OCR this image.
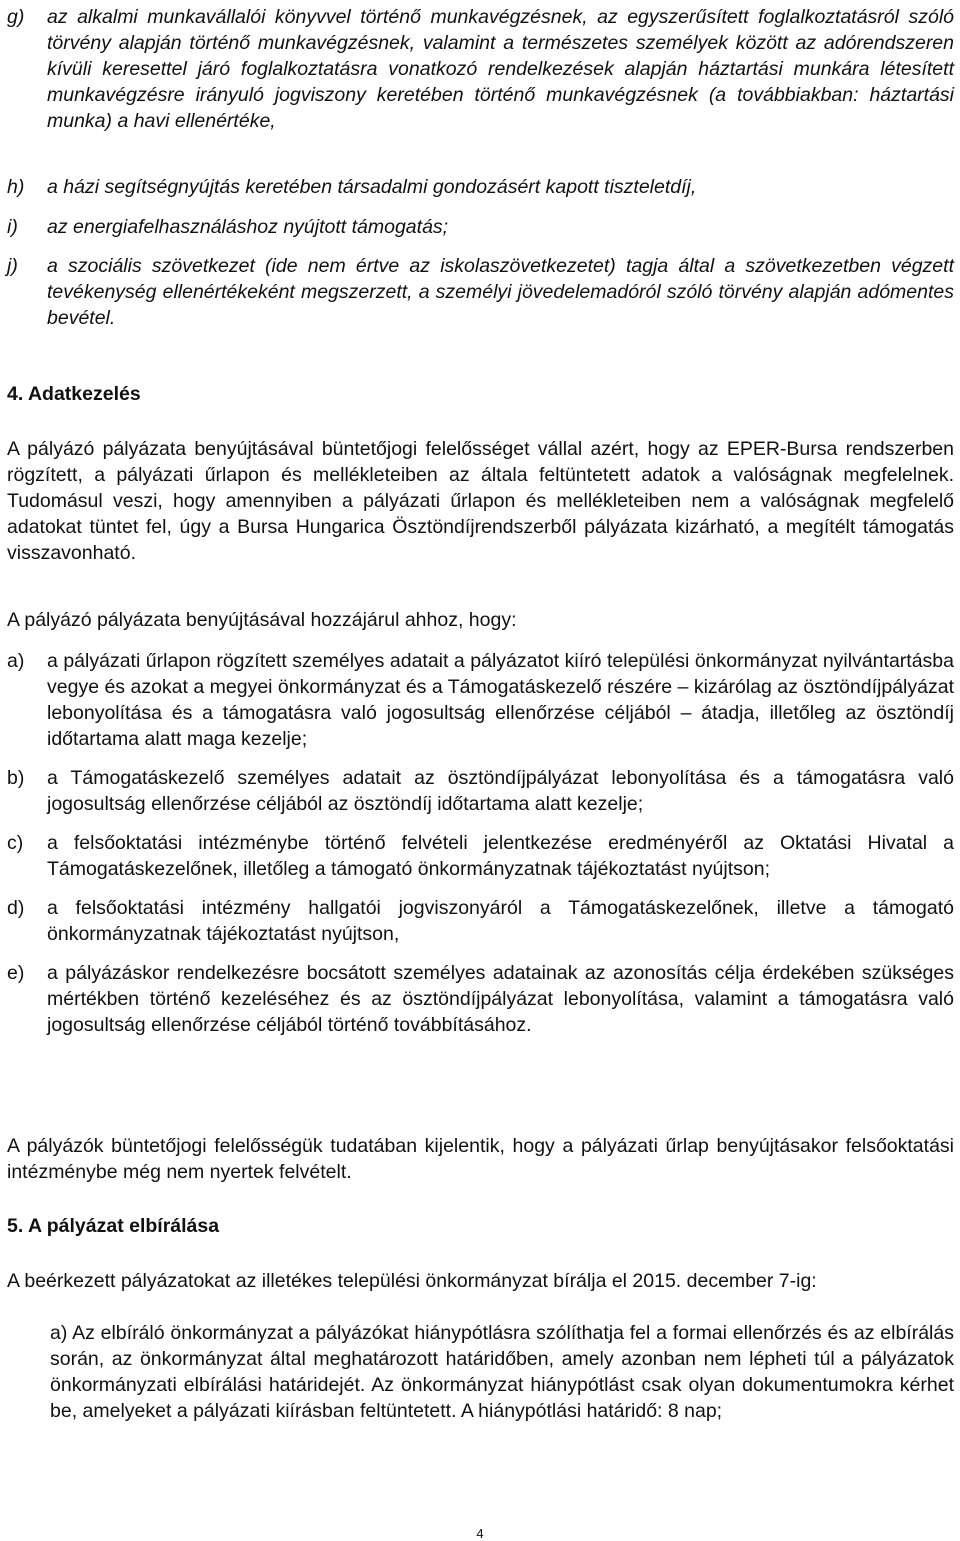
g)	az alkalmi munkavállalói könyvvel történő munkavégzésnek, az egyszerűsített foglalkoztatásról szóló törvény alapján történő munkavégzésnek, valamint a természetes személyek között az adórendszeren kívüli keresettel járó foglalkoztatásra vonatkozó rendelkezések alapján háztartási munkára létesített munkavégzésre irányuló jogviszony keretében történő munkavégzésnek (a továbbiakban: háztartási munka) a havi ellenértéke,
h)	a házi segítségnyújtás keretében társadalmi gondozásért kapott tiszteletdíj,
i)	az energiafelhasználáshoz nyújtott támogatás;
j)	a szociális szövetkezet (ide nem értve az iskolaszövetkezetet) tagja által a szövetkezetben végzett tevékenység ellenértékeként megszerzett, a személyi jövedelemadóról szóló törvény alapján adómentes bevétel.
4. Adatkezelés
A pályázó pályázata benyújtásával büntetőjogi felelősséget vállal azért, hogy az EPER-Bursa rendszerben rögzített, a pályázati űrlapon és mellékleteiben az általa feltüntetett adatok a valóságnak megfelelnek. Tudomásul veszi, hogy amennyiben a pályázati űrlapon és mellékleteiben nem a valóságnak megfelelő adatokat tüntet fel, úgy a Bursa Hungarica Ösztöndíjrendszerből pályázata kizárható, a megítélt támogatás visszavonható.
A pályázó pályázata benyújtásával hozzájárul ahhoz, hogy:
a)	a pályázati űrlapon rögzített személyes adatait a pályázatot kiíró települési önkormányzat nyilvántartásba vegye és azokat a megyei önkormányzat és a Támogatáskezelő részére – kizárólag az ösztöndíjpályázat lebonyolítása és a támogatásra való jogosultság ellenőrzése céljából – átadja, illetőleg az ösztöndíj időtartama alatt maga kezelje;
b)	a Támogatáskezelő személyes adatait az ösztöndíjpályázat lebonyolítása és a támogatásra való jogosultság ellenőrzése céljából az ösztöndíj időtartama alatt kezelje;
c)	a felsőoktatási intézménybe történő felvételi jelentkezése eredményéről az Oktatási Hivatal a Támogatáskezelőnek, illetőleg a támogató önkormányzatnak tájékoztatást nyújtson;
d)	a felsőoktatási intézmény hallgatói jogviszonyáról a Támogatáskezelőnek, illetve a támogató önkormányzatnak tájékoztatást nyújtson,
e)	a pályázáskor rendelkezésre bocsátott személyes adatainak az azonosítás célja érdekében szükséges mértékben történő kezeléséhez és az ösztöndíjpályázat lebonyolítása, valamint a támogatásra való jogosultság ellenőrzése céljából történő továbbításához.
A pályázók büntetőjogi felelősségük tudatában kijelentik, hogy a pályázati űrlap benyújtásakor felsőoktatási intézménybe még nem nyertek felvételt.
5. A pályázat elbírálása
A beérkezett pályázatokat az illetékes települési önkormányzat bírálja el 2015. december 7-ig:
a) Az elbíráló önkormányzat a pályázókat hiánypótlásra szólíthatja fel a formai ellenőrzés és az elbírálás során, az önkormányzat által meghatározott határidőben, amely azonban nem lépheti túl a pályázatok önkormányzati elbírálási határidejét. Az önkormányzat hiánypótlást csak olyan dokumentumokra kérhet be, amelyeket a pályázati kiírásban feltüntetett. A hiánypótlási határidő: 8 nap;
4
